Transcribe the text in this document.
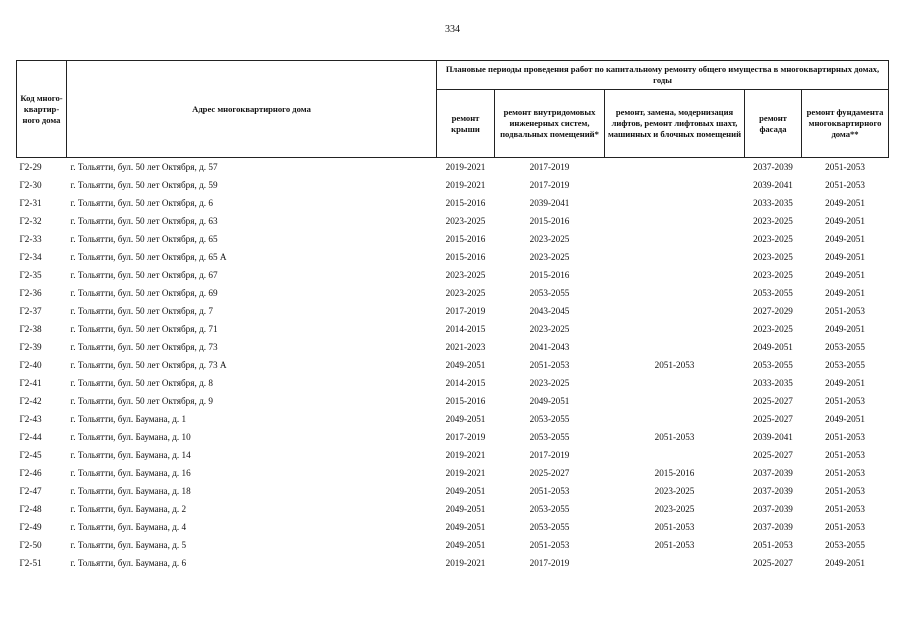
334
Код много-квартир-ного дома	Адрес многоквартирного дома	Плановые периоды проведения работ по капитальному ремонту общего имущества в многоквартирных домах, годы				
		ремонт крыши	ремонт внутридомовых инженерных систем, подвальных помещений*	ремонт, замена, модернизация лифтов, ремонт лифтовых шахт, машинных и блочных помещений	ремонт фасада	ремонт фундамента многоквартирного дома**
Г2-29	г. Тольятти, бул. 50 лет Октября, д. 57	2019-2021	2017-2019		2037-2039	2051-2053
Г2-30	г. Тольятти, бул. 50 лет Октября, д. 59	2019-2021	2017-2019		2039-2041	2051-2053
Г2-31	г. Тольятти, бул. 50 лет Октября, д. 6	2015-2016	2039-2041		2033-2035	2049-2051
Г2-32	г. Тольятти, бул. 50 лет Октября, д. 63	2023-2025	2015-2016		2023-2025	2049-2051
Г2-33	г. Тольятти, бул. 50 лет Октября, д. 65	2015-2016	2023-2025		2023-2025	2049-2051
Г2-34	г. Тольятти, бул. 50 лет Октября, д. 65 А	2015-2016	2023-2025		2023-2025	2049-2051
Г2-35	г. Тольятти, бул. 50 лет Октября, д. 67	2023-2025	2015-2016		2023-2025	2049-2051
Г2-36	г. Тольятти, бул. 50 лет Октября, д. 69	2023-2025	2053-2055		2053-2055	2049-2051
Г2-37	г. Тольятти, бул. 50 лет Октября, д. 7	2017-2019	2043-2045		2027-2029	2051-2053
Г2-38	г. Тольятти, бул. 50 лет Октября, д. 71	2014-2015	2023-2025		2023-2025	2049-2051
Г2-39	г. Тольятти, бул. 50 лет Октября, д. 73	2021-2023	2041-2043		2049-2051	2053-2055
Г2-40	г. Тольятти, бул. 50 лет Октября, д. 73 А	2049-2051	2051-2053	2051-2053	2053-2055	2053-2055
Г2-41	г. Тольятти, бул. 50 лет Октября, д. 8	2014-2015	2023-2025		2033-2035	2049-2051
Г2-42	г. Тольятти, бул. 50 лет Октября, д. 9	2015-2016	2049-2051		2025-2027	2051-2053
Г2-43	г. Тольятти, бул. Баумана, д. 1	2049-2051	2053-2055		2025-2027	2049-2051
Г2-44	г. Тольятти, бул. Баумана, д. 10	2017-2019	2053-2055	2051-2053	2039-2041	2051-2053
Г2-45	г. Тольятти, бул. Баумана, д. 14	2019-2021	2017-2019		2025-2027	2051-2053
Г2-46	г. Тольятти, бул. Баумана, д. 16	2019-2021	2025-2027	2015-2016	2037-2039	2051-2053
Г2-47	г. Тольятти, бул. Баумана, д. 18	2049-2051	2051-2053	2023-2025	2037-2039	2051-2053
Г2-48	г. Тольятти, бул. Баумана, д. 2	2049-2051	2053-2055	2023-2025	2037-2039	2051-2053
Г2-49	г. Тольятти, бул. Баумана, д. 4	2049-2051	2053-2055	2051-2053	2037-2039	2051-2053
Г2-50	г. Тольятти, бул. Баумана, д. 5	2049-2051	2051-2053	2051-2053	2051-2053	2053-2055
Г2-51	г. Тольятти, бул. Баумана, д. 6	2019-2021	2017-2019		2025-2027	2049-2051
